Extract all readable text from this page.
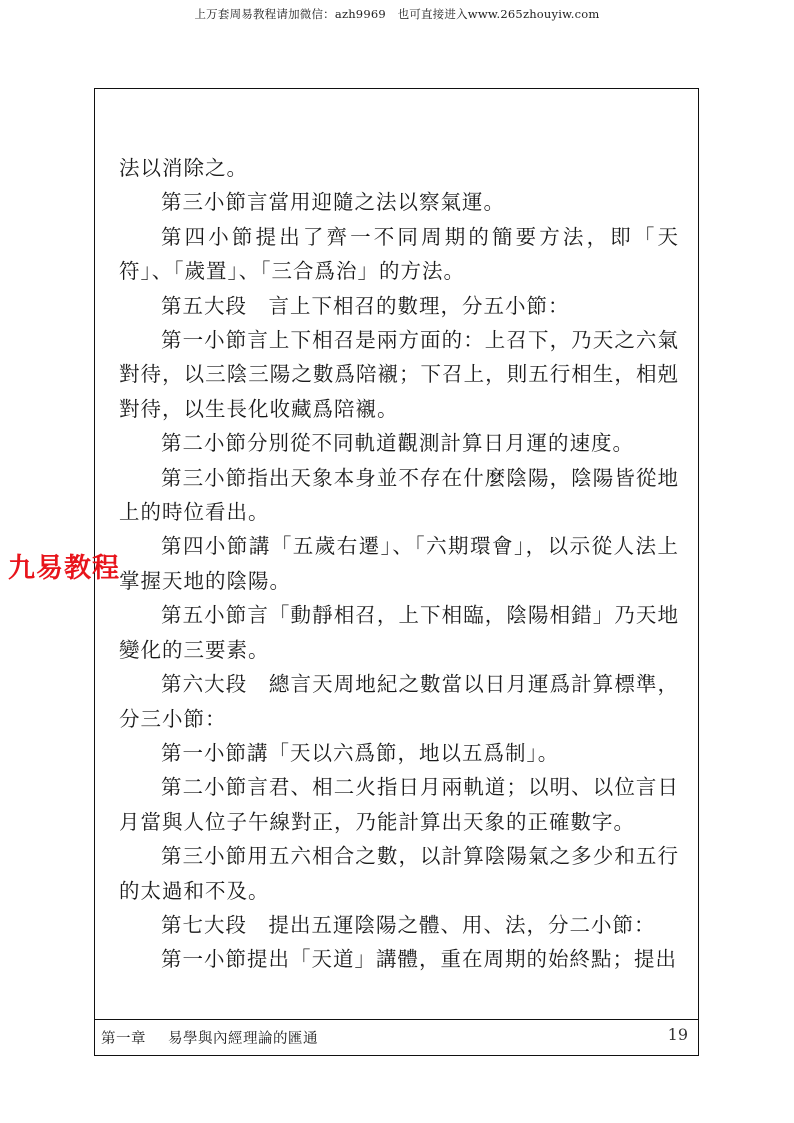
上万套周易教程请加微信：azh9969　也可直接进入www.265zhouyiw.com

法以消除之。

第三小節言當用迎隨之法以察氣運。

第四小節提出了齊一不同周期的簡要方法，即「天符」、「歲置」、「三合爲治」的方法。

第五大段　言上下相召的數理，分五小節：

第一小節言上下相召是兩方面的：上召下，乃天之六氣對待，以三陰三陽之數爲陪襯；下召上，則五行相生，相剋對待，以生長化收藏爲陪襯。

第二小節分別從不同軌道觀測計算日月運的速度。

第三小節指出天象本身並不存在什麼陰陽，陰陽皆從地上的時位看出。

第四小節講「五歲右遷」、「六期環會」，以示從人法上掌握天地的陰陽。

第五小節言「動靜相召，上下相臨，陰陽相錯」乃天地變化的三要素。

第六大段　總言天周地紀之數當以日月運爲計算標準，分三小節：

第一小節講「天以六爲節，地以五爲制」。

第二小節言君、相二火指日月兩軌道；以明、以位言日月當與人位子午線對正，乃能計算出天象的正確數字。

第三小節用五六相合之數，以計算陰陽氣之多少和五行的太過和不及。

第七大段　提出五運陰陽之體、用、法，分二小節：

第一小節提出「天道」講體，重在周期的始終點；提出

第一章 易學與內經理論的匯通	19
九易教程
